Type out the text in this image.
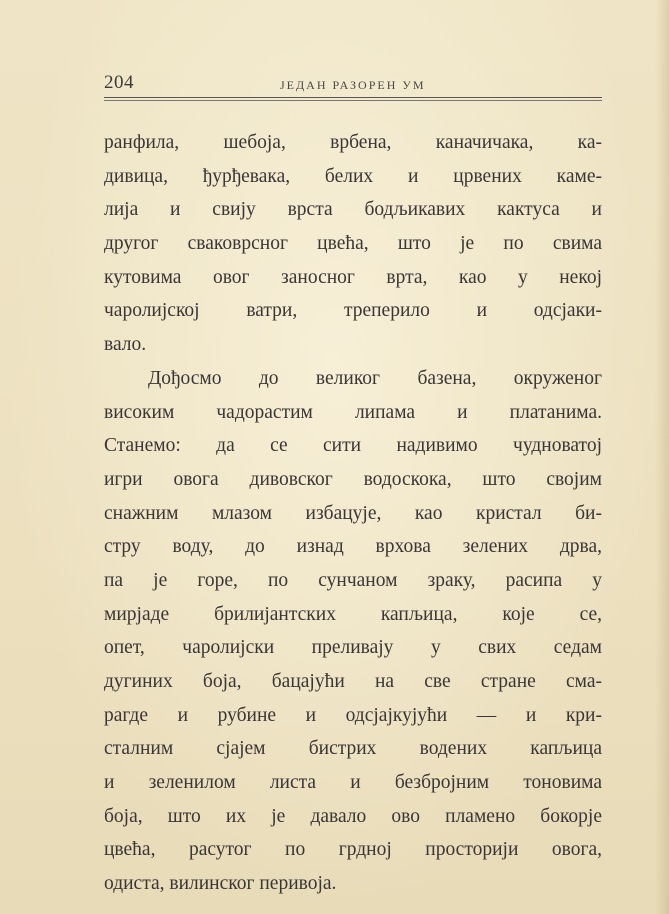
204	ЈЕДАН РАЗОРЕН УМ
ранфила, шебоја, врбена, каначичака, ка-
дивица, ђурђевака, белих и црвених каме-
лија и свију врста бодљикавих кактуса и
другог сваковрсног цвећа, што је по свима
кутовима овог заносног врта, као у некој
чаролијској ватри, треперило и одсјаки-
вало.
Дођосмо до великог базена, окруженог
високим чадорастим липама и платанима.
Станемо: да се сити надивимо чудноватој
игри овога дивовског водоскока, што својим
снажним млазом избацује, као кристал би-
стру воду, до изнад врхова зелених дрва,
па је горе, по сунчаном зраку, расипа у
мирјаде брилијантских капљица, које се,
опет, чаролијски преливају у свих седам
дугиних боја, бацајући на све стране сма-
рагде и рубине и одсјајкујући — и кри-
сталним сјајем бистрих водених капљица
и зеленилом листа и безбројним тоновима
боја, што их је давало ово пламено бокорје
цвећа, расутог по грдној просторији овога,
одиста, вилинског перивоја.
